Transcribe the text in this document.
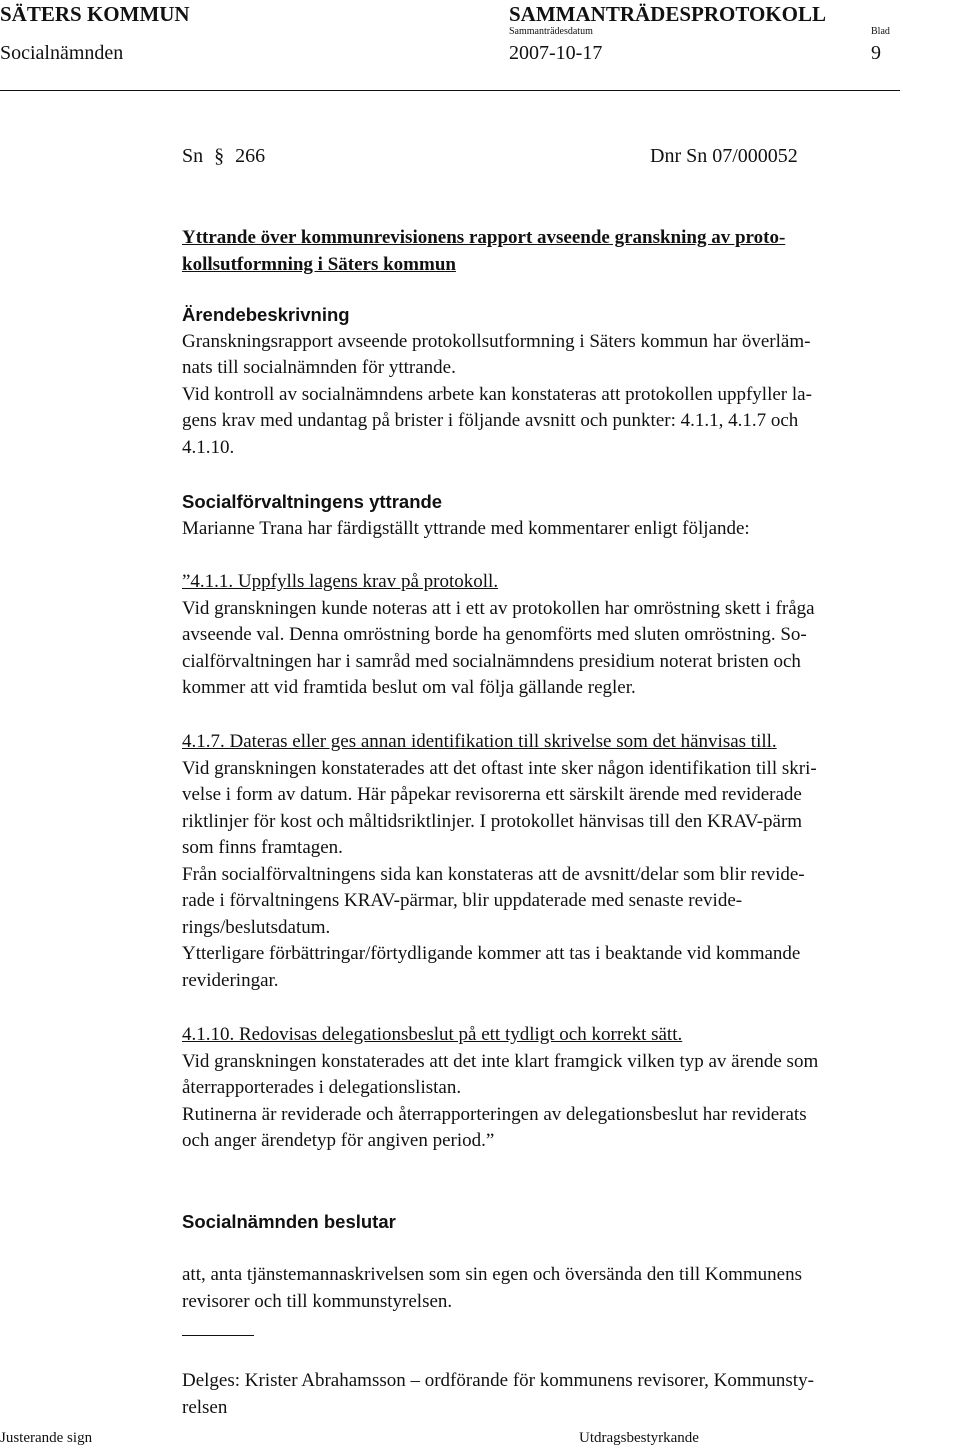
SÄTERS KOMMUN	SAMMANTRÄDESPROTOKOLL
Sammanträdesdatum	Blad
Socialnämnden	2007-10-17	9
Sn § 266	Dnr Sn 07/000052
Yttrande över kommunrevisionens rapport avseende granskning av proto-
kollsutformning i Säters kommun
Ärendebeskrivning
Granskningsrapport avseende protokollsutformning i Säters kommun har överläm-
nats till socialnämnden för yttrande.
Vid kontroll av socialnämndens arbete kan konstateras att protokollen uppfyller la-
gens krav med undantag på brister i följande avsnitt och punkter: 4.1.1, 4.1.7 och
4.1.10.
Socialförvaltningens yttrande
Marianne Trana har färdigställt yttrande med kommentarer enligt följande:
”4.1.1. Uppfylls lagens krav på protokoll.
Vid granskningen kunde noteras att i ett av protokollen har omröstning skett i fråga
avseende val. Denna omröstning borde ha genomförts med sluten omröstning. So-
cialförvaltningen har i samråd med socialnämndens presidium noterat bristen och
kommer att vid framtida beslut om val följa gällande regler.
4.1.7. Dateras eller ges annan identifikation till skrivelse som det hänvisas till.
Vid granskningen konstaterades att det oftast inte sker någon identifikation till skri-
velse i form av datum. Här påpekar revisorerna ett särskilt ärende med reviderade
riktlinjer för kost och måltidsriktlinjer. I protokollet hänvisas till den KRAV-pärm
som finns framtagen.
Från socialförvaltningens sida kan konstateras att de avsnitt/delar som blir revide-
rade i förvaltningens KRAV-pärmar, blir uppdaterade med senaste revide-
rings/beslutsdatum.
Ytterligare förbättringar/förtydligande kommer att tas i beaktande vid kommande
revideringar.
4.1.10. Redovisas delegationsbeslut på ett tydligt och korrekt sätt.
Vid granskningen konstaterades att det inte klart framgick vilken typ av ärende som
återrapporterades i delegationslistan.
Rutinerna är reviderade och återrapporteringen av delegationsbeslut har reviderats
och anger ärendetyp för angiven period.”
Socialnämnden beslutar
att, anta tjänstemannaskrivelsen som sin egen och översända den till Kommunens
revisorer och till kommunstyrelsen.
Delges: Krister Abrahamsson – ordförande för kommunens revisorer, Kommunsty-
relsen
Justerande sign	Utdragsbestyrkande
